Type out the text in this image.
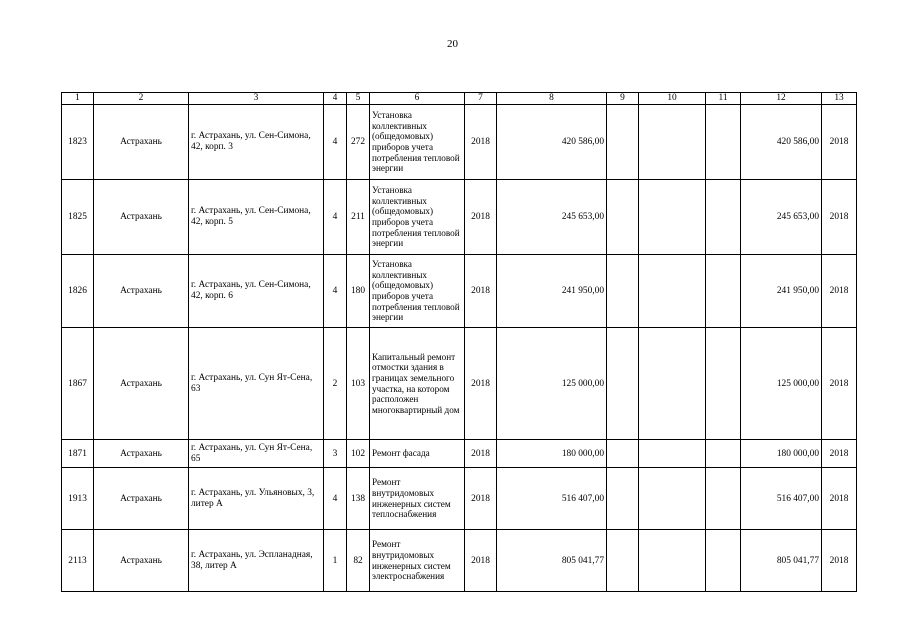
20
1	2	3	4	5	6	7	8	9	10	11	12	13
1823	Астрахань	г. Астрахань, ул. Сен-Симона, 42, корп. 3	4	272	Установка коллективных (общедомовых) приборов учета потребления тепловой энергии	2018	420 586,00				420 586,00	2018
1825	Астрахань	г. Астрахань, ул. Сен-Симона, 42, корп. 5	4	211	Установка коллективных (общедомовых) приборов учета потребления тепловой энергии	2018	245 653,00				245 653,00	2018
1826	Астрахань	г. Астрахань, ул. Сен-Симона, 42, корп. 6	4	180	Установка коллективных (общедомовых) приборов учета потребления тепловой энергии	2018	241 950,00				241 950,00	2018
1867	Астрахань	г. Астрахань, ул. Сун Ят-Сена, 63	2	103	Капитальный ремонт отмостки здания в границах земельного участка, на котором расположен многоквартирный дом	2018	125 000,00				125 000,00	2018
1871	Астрахань	г. Астрахань, ул. Сун Ят-Сена, 65	3	102	Ремонт фасада	2018	180 000,00				180 000,00	2018
1913	Астрахань	г. Астрахань, ул. Ульяновых, 3, литер А	4	138	Ремонт внутридомовых инженерных систем теплоснабжения	2018	516 407,00				516 407,00	2018
2113	Астрахань	г. Астрахань, ул. Эспланадная, 38, литер А	1	82	Ремонт внутридомовых инженерных систем электроснабжения	2018	805 041,77				805 041,77	2018
